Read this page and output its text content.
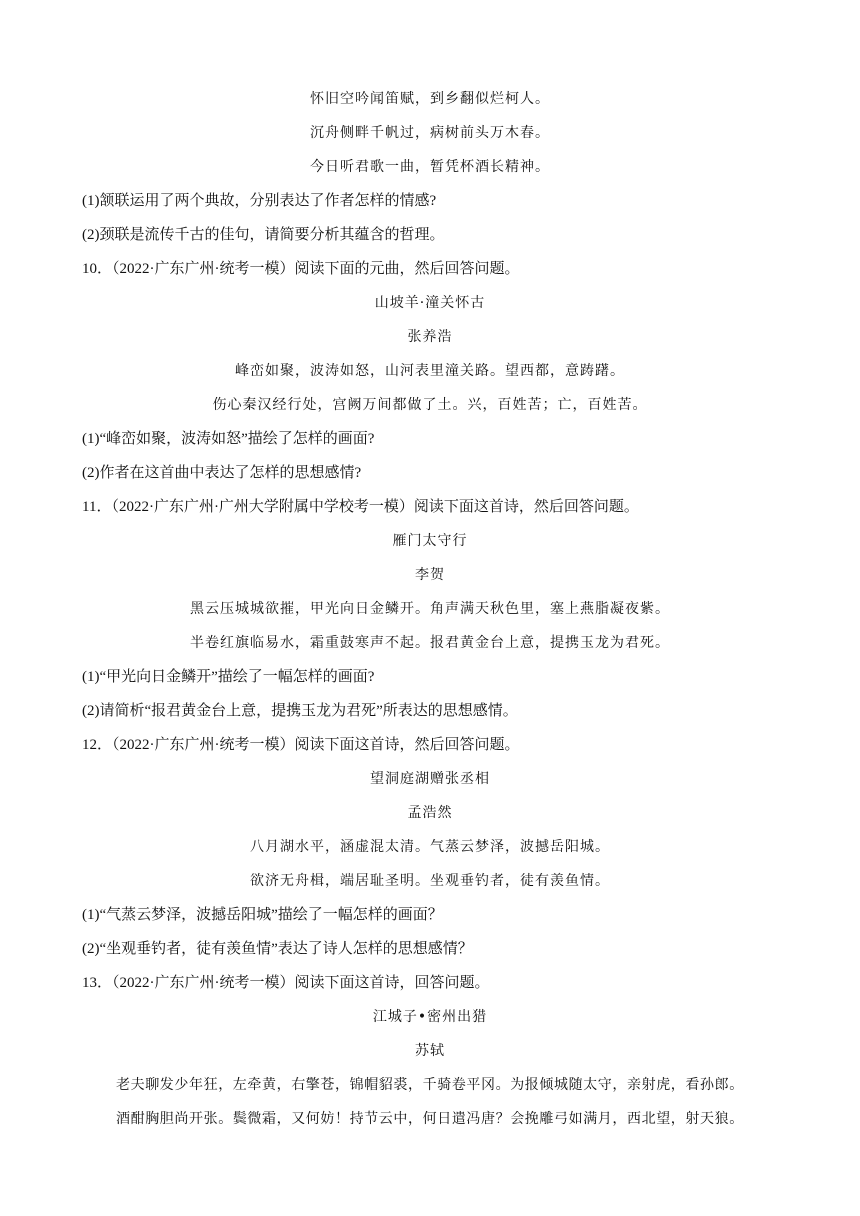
怀旧空吟闻笛赋，到乡翻似烂柯人。
沉舟侧畔千帆过，病树前头万木春。
今日听君歌一曲，暂凭杯酒长精神。
(1)颔联运用了两个典故，分别表达了作者怎样的情感?
(2)颈联是流传千古的佳句，请简要分析其蕴含的哲理。
10．（2022·广东广州·统考一模）阅读下面的元曲，然后回答问题。
山坡羊·潼关怀古
张养浩
峰峦如聚，波涛如怒，山河表里潼关路。望西都，意踌躇。
伤心秦汉经行处，宫阙万间都做了土。兴，百姓苦；亡，百姓苦。
(1)“峰峦如聚，波涛如怒”描绘了怎样的画面?
(2)作者在这首曲中表达了怎样的思想感情?
11．（2022·广东广州·广州大学附属中学校考一模）阅读下面这首诗，然后回答问题。
雁门太守行
李贺
黑云压城城欲摧，甲光向日金鳞开。角声满天秋色里，塞上燕脂凝夜紫。
半卷红旗临易水，霜重鼓寒声不起。报君黄金台上意，提携玉龙为君死。
(1)“甲光向日金鳞开”描绘了一幅怎样的画面?
(2)请简析“报君黄金台上意，提携玉龙为君死”所表达的思想感情。
12．（2022·广东广州·统考一模）阅读下面这首诗，然后回答问题。
望洞庭湖赠张丞相
孟浩然
八月湖水平，涵虚混太清。气蒸云梦泽，波撼岳阳城。
欲济无舟楫，端居耻圣明。坐观垂钓者，徒有羡鱼情。
(1)“气蒸云梦泽，波撼岳阳城”描绘了一幅怎样的画面？
(2)“坐观垂钓者，徒有羡鱼情”表达了诗人怎样的思想感情？
13．（2022·广东广州·统考一模）阅读下面这首诗，回答问题。
江城子•密州出猎
苏轼
老夫聊发少年狂，左牵黄，右擎苍，锦帽貂裘，千骑卷平冈。为报倾城随太守，亲射虎，看孙郎。
酒酣胸胆尚开张。鬓微霜，又何妨！持节云中，何日遣冯唐？会挽雕弓如满月，西北望，射天狼。
